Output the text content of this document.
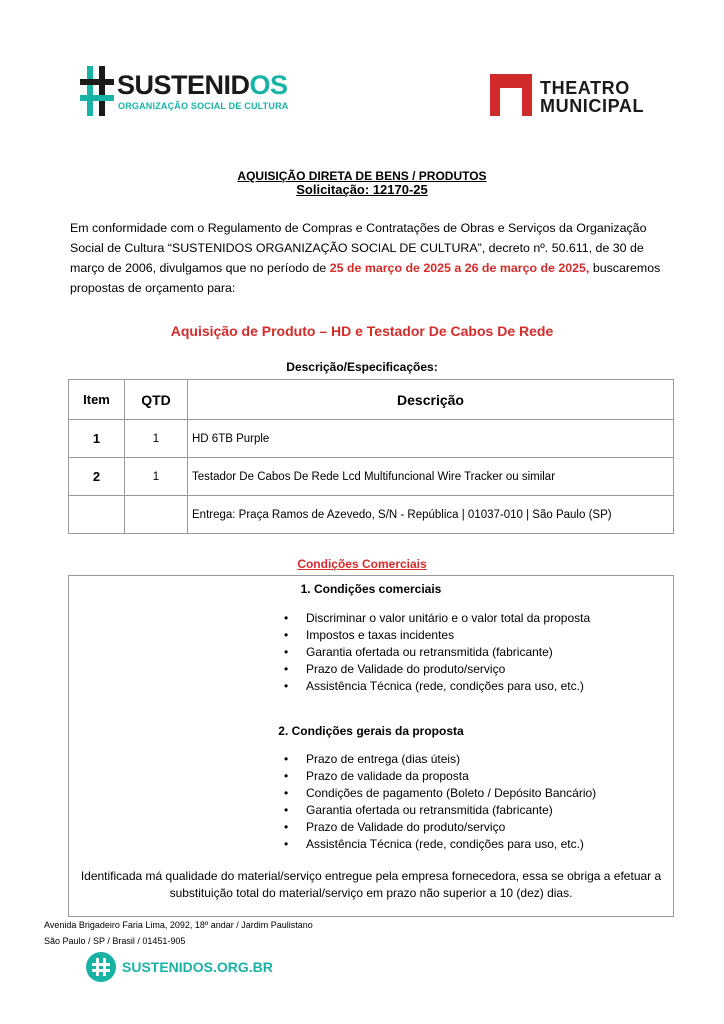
SUSTENIDOS
ORGANIZAÇÃO SOCIAL DE CULTURA
THEATRO
MUNICIPAL
AQUISIÇÃO DIRETA DE BENS / PRODUTOS
Solicitação: 12170-25
Em conformidade com o Regulamento de Compras e Contratações de Obras e Serviços da Organização Social de Cultura “SUSTENIDOS ORGANIZAÇÃO SOCIAL DE CULTURA”, decreto nº. 50.611, de 30 de março de 2006, divulgamos que no período de 25 de março de 2025 a 26 de março de 2025, buscaremos propostas de orçamento para:
Aquisição de Produto – HD e Testador De Cabos De Rede
Descrição/Especificações:
Item	QTD	Descrição
1	1	HD 6TB Purple
2	1	Testador De Cabos De Rede Lcd Multifuncional Wire Tracker ou similar
		Entrega: Praça Ramos de Azevedo, S/N - República | 01037-010 | São Paulo (SP)
Condições Comerciais
1. Condições comerciais
• Discriminar o valor unitário e o valor total da proposta
• Impostos e taxas incidentes
• Garantia ofertada ou retransmitida (fabricante)
• Prazo de Validade do produto/serviço
• Assistência Técnica (rede, condições para uso, etc.)
2. Condições gerais da proposta
• Prazo de entrega (dias úteis)
• Prazo de validade da proposta
• Condições de pagamento (Boleto / Depósito Bancário)
• Garantia ofertada ou retransmitida (fabricante)
• Prazo de Validade do produto/serviço
• Assistência Técnica (rede, condições para uso, etc.)
Identificada má qualidade do material/serviço entregue pela empresa fornecedora, essa se obriga a efetuar a
substituição total do material/serviço em prazo não superior a 10 (dez) dias.
Avenida Brigadeiro Faria Lima, 2092, 18º andar / Jardim Paulistano
São Paulo / SP / Brasil / 01451-905
SUSTENIDOS.ORG.BR
